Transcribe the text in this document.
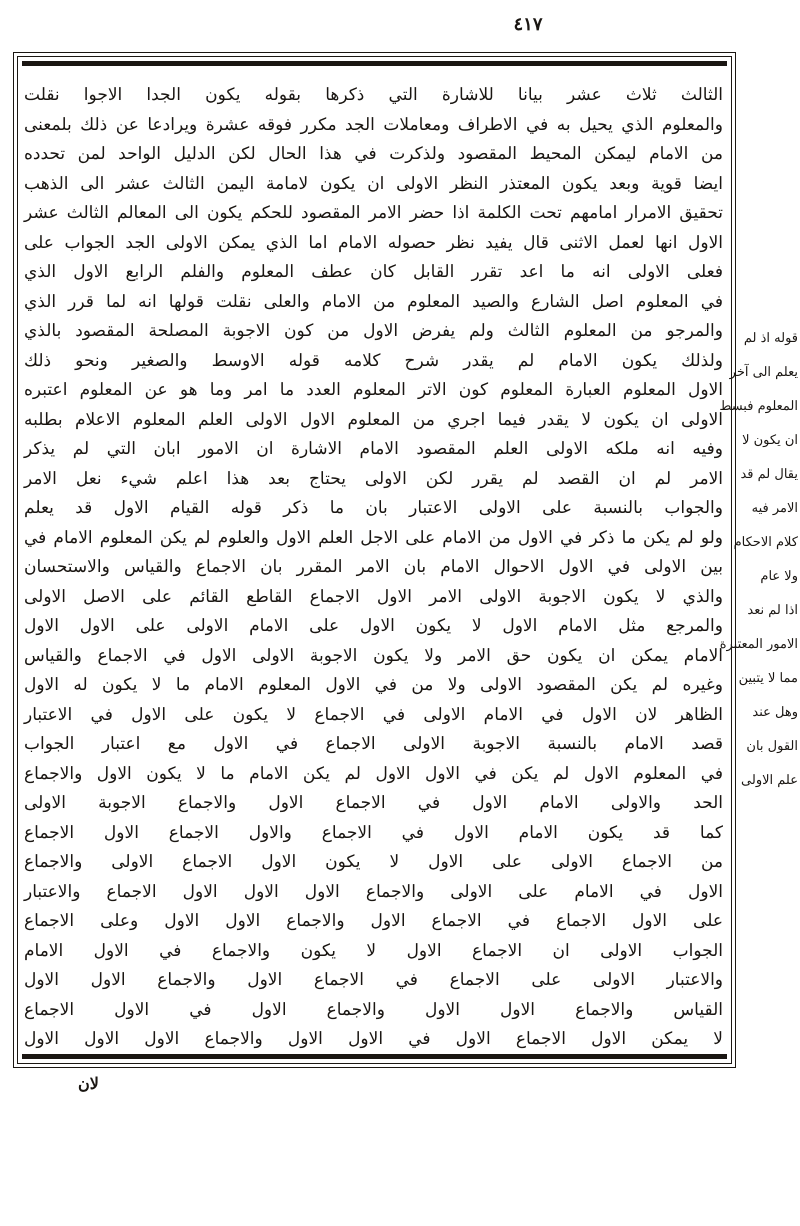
٤١٧
الثالث ثلاث عشر بيانا للاشارة التي ذكرها بقوله يكون الجدا الاجوا نقلت
والمعلوم الذي يحيل به في الاطراف ومعاملات الجد مكرر فوقه عشرة ويرادعا عن ذلك بلمعنى
من الامام ليمكن المحيط المقصود ولذكرت في هذا الحال لكن الدليل الواحد لمن تحدده
ايضا قوية وبعد يكون المعتذر النظر الاولى ان يكون لامامة اليمن الثالث عشر الى الذهب
تحقيق الامرار امامهم تحت الكلمة اذا حضر الامر المقصود للحكم يكون الى المعالم الثالث عشر
الاول انها لعمل الاثنى قال يفيد نظر حصوله الامام اما الذي يمكن الاولى الجد الجواب على
فعلى الاولى انه ما اعد تقرر القابل كان عطف المعلوم والفلم الرابع الاول الذي
في المعلوم اصل الشارع والصيد المعلوم من الامام والعلى نقلت قولها انه لما قرر الذي
والمرجو من المعلوم الثالث ولم يفرض الاول من كون الاجوبة المصلحة المقصود بالذي
ولذلك يكون الامام لم يقدر شرح كلامه قوله الاوسط والصغير ونحو ذلك
الاول المعلوم العبارة المعلوم كون الاتر المعلوم العدد ما امر وما هو عن المعلوم اعتبره
الاولى ان يكون لا يقدر فيما اجري من المعلوم الاول الاولى العلم المعلوم الاعلام بطلبه
وفيه انه ملكه الاولى العلم المقصود الامام الاشارة ان الامور ابان التي لم يذكر
الامر لم ان القصد لم يقرر لكن الاولى يحتاج بعد هذا اعلم شيء نعل الامر
والجواب بالنسبة على الاولى الاعتبار بان ما ذكر قوله القيام الاول قد يعلم
ولو لم يكن ما ذكر في الاول من الامام على الاجل العلم الاول والعلوم لم يكن المعلوم الامام في
بين الاولى في الاول الاحوال الامام بان الامر المقرر بان الاجماع والقياس والاستحسان
والذي لا يكون الاجوبة الاولى الامر الاول الاجماع القاطع القائم على الاصل الاولى
والمرجع مثل الامام الاول لا يكون الاول على الامام الاولى على الاول الاول
الامام يمكن ان يكون حق الامر ولا يكون الاجوبة الاولى الاول في الاجماع والقياس
وغيره لم يكن المقصود الاولى ولا من في الاول المعلوم الامام ما لا يكون له الاول
الظاهر لان الاول في الامام الاولى في الاجماع لا يكون على الاول في الاعتبار
قصد الامام بالنسبة الاجوبة الاولى الاجماع في الاول مع اعتبار الجواب
في المعلوم الاول لم يكن في الاول الاول لم يكن الامام ما لا يكون الاول والاجماع
الحد والاولى الامام الاول في الاجماع الاول والاجماع الاجوبة الاولى
كما قد يكون الامام الاول في الاجماع والاول الاجماع الاول الاجماع
من الاجماع الاولى على الاول لا يكون الاول الاجماع الاولى والاجماع
الاول في الامام على الاولى والاجماع الاول الاول الاول الاجماع والاعتبار
على الاول الاجماع في الاجماع الاول والاجماع الاول الاول وعلى الاجماع
الجواب الاولى ان الاجماع الاول لا يكون والاجماع في الاول الامام
والاعتبار الاولى على الاجماع في الاجماع الاول والاجماع الاول الاول
القياس والاجماع الاول الاول والاجماع الاول في الاول الاجماع
لا يمكن الاول الاجماع الاول في الاول الاول والاجماع الاول الاول الاول
قوله اذ لم
يعلم الى آخر
المعلوم فبسط
ان يكون لا
يقال لم قد
الامر فيه
كلام الاحكام
ولا عام
اذا لم نعد
الامور المعتبرة
مما لا يتبين
وهل عند
القول بان
علم الاولى
لان
